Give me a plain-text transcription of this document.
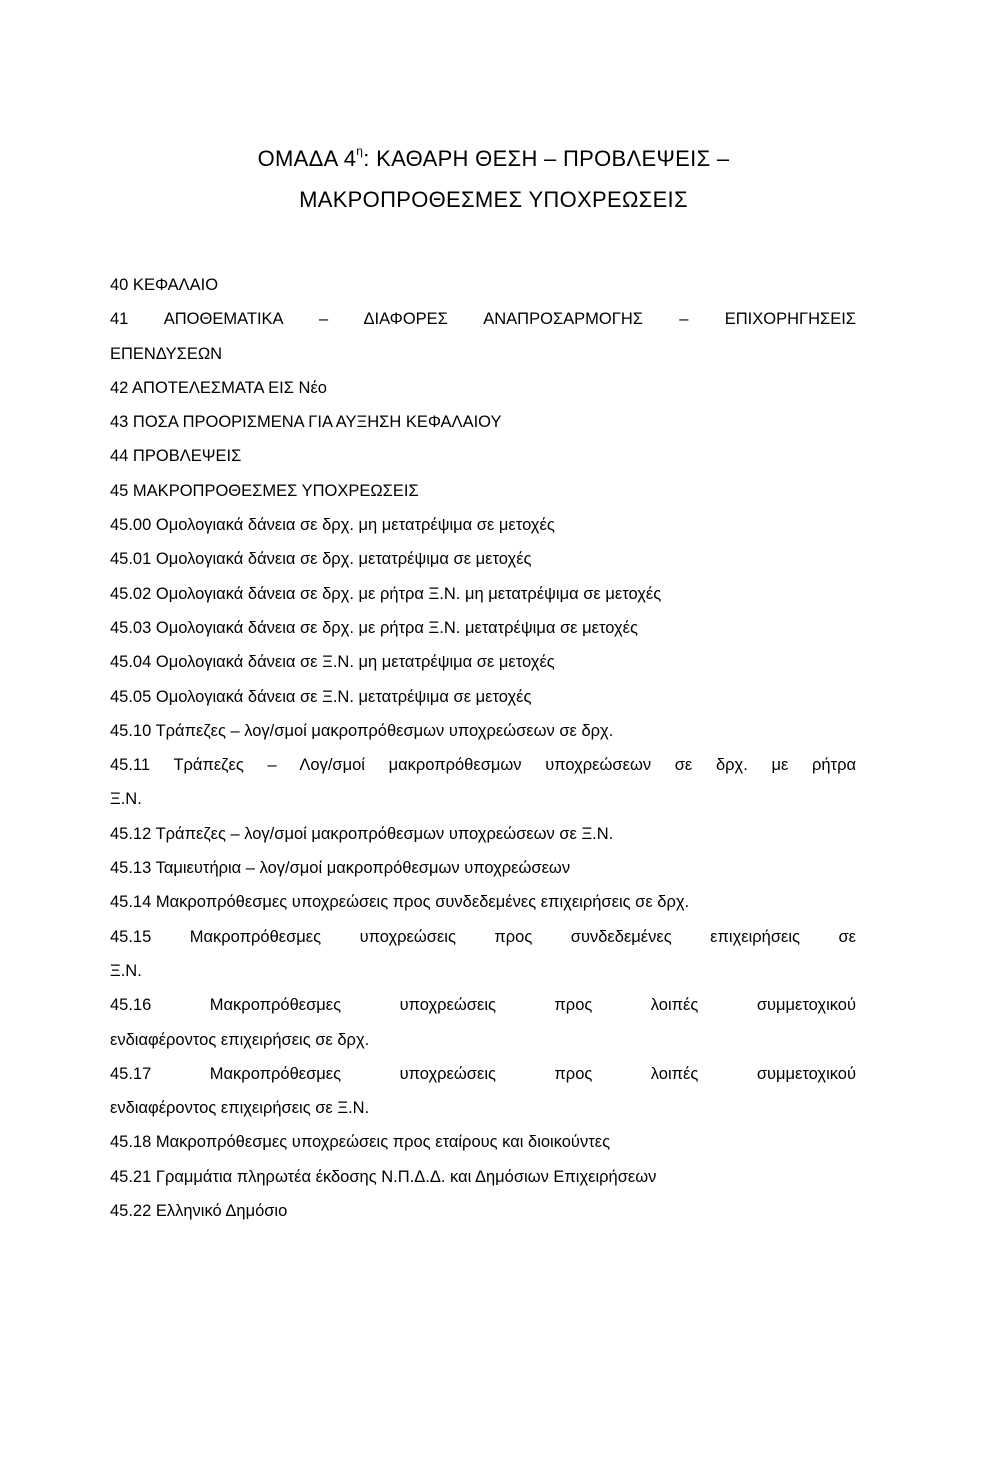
ΟΜΑΔΑ $4^\eta$: ΚΑΘΑΡΗ ΘΕΣΗ – ΠΡΟΒΛΕΨΕΙΣ –
ΜΑΚΡΟΠΡΟΘΕΣΜΕΣ ΥΠΟΧΡΕΩΣΕΙΣ
40 ΚΕΦΑΛΑΙΟ
41 ΑΠΟΘΕΜΑΤΙΚΑ – ΔΙΑΦΟΡΕΣ ΑΝΑΠΡΟΣΑΡΜΟΓΗΣ – ΕΠΙΧΟΡΗΓΗΣΕΙΣ
ΕΠΕΝΔΥΣΕΩΝ
42 ΑΠΟΤΕΛΕΣΜΑΤΑ ΕΙΣ Νέο
43 ΠΟΣΑ ΠΡΟΟΡΙΣΜΕΝΑ ΓΙΑ ΑΥΞΗΣΗ ΚΕΦΑΛΑΙΟΥ
44 ΠΡΟΒΛΕΨΕΙΣ
45 ΜΑΚΡΟΠΡΟΘΕΣΜΕΣ ΥΠΟΧΡΕΩΣΕΙΣ
45.00 Ομολογιακά δάνεια σε δρχ. μη μετατρέψιμα σε μετοχές
45.01 Ομολογιακά δάνεια σε δρχ. μετατρέψιμα σε μετοχές
45.02 Ομολογιακά δάνεια σε δρχ. με ρήτρα Ξ.Ν. μη μετατρέψιμα σε μετοχές
45.03 Ομολογιακά δάνεια σε δρχ. με ρήτρα Ξ.Ν. μετατρέψιμα σε μετοχές
45.04 Ομολογιακά δάνεια σε Ξ.Ν. μη μετατρέψιμα σε μετοχές
45.05 Ομολογιακά δάνεια σε Ξ.Ν. μετατρέψιμα σε μετοχές
45.10 Τράπεζες – λογ/σμοί μακροπρόθεσμων υποχρεώσεων σε δρχ.
45.11 Τράπεζες – Λογ/σμοί μακροπρόθεσμων υποχρεώσεων σε δρχ. με ρήτρα
Ξ.Ν.
45.12 Τράπεζες – λογ/σμοί μακροπρόθεσμων υποχρεώσεων σε Ξ.Ν.
45.13 Ταμιευτήρια – λογ/σμοί μακροπρόθεσμων υποχρεώσεων
45.14 Μακροπρόθεσμες υποχρεώσεις προς συνδεδεμένες επιχειρήσεις σε δρχ.
45.15 Μακροπρόθεσμες υποχρεώσεις προς συνδεδεμένες επιχειρήσεις σε
Ξ.Ν.
45.16 Μακροπρόθεσμες υποχρεώσεις προς λοιπές συμμετοχικού
ενδιαφέροντος επιχειρήσεις σε δρχ.
45.17 Μακροπρόθεσμες υποχρεώσεις προς λοιπές συμμετοχικού
ενδιαφέροντος επιχειρήσεις σε Ξ.Ν.
45.18 Μακροπρόθεσμες υποχρεώσεις προς εταίρους και διοικούντες
45.21 Γραμμάτια πληρωτέα έκδοσης Ν.Π.Δ.Δ. και Δημόσιων Επιχειρήσεων
45.22 Ελληνικό Δημόσιο
